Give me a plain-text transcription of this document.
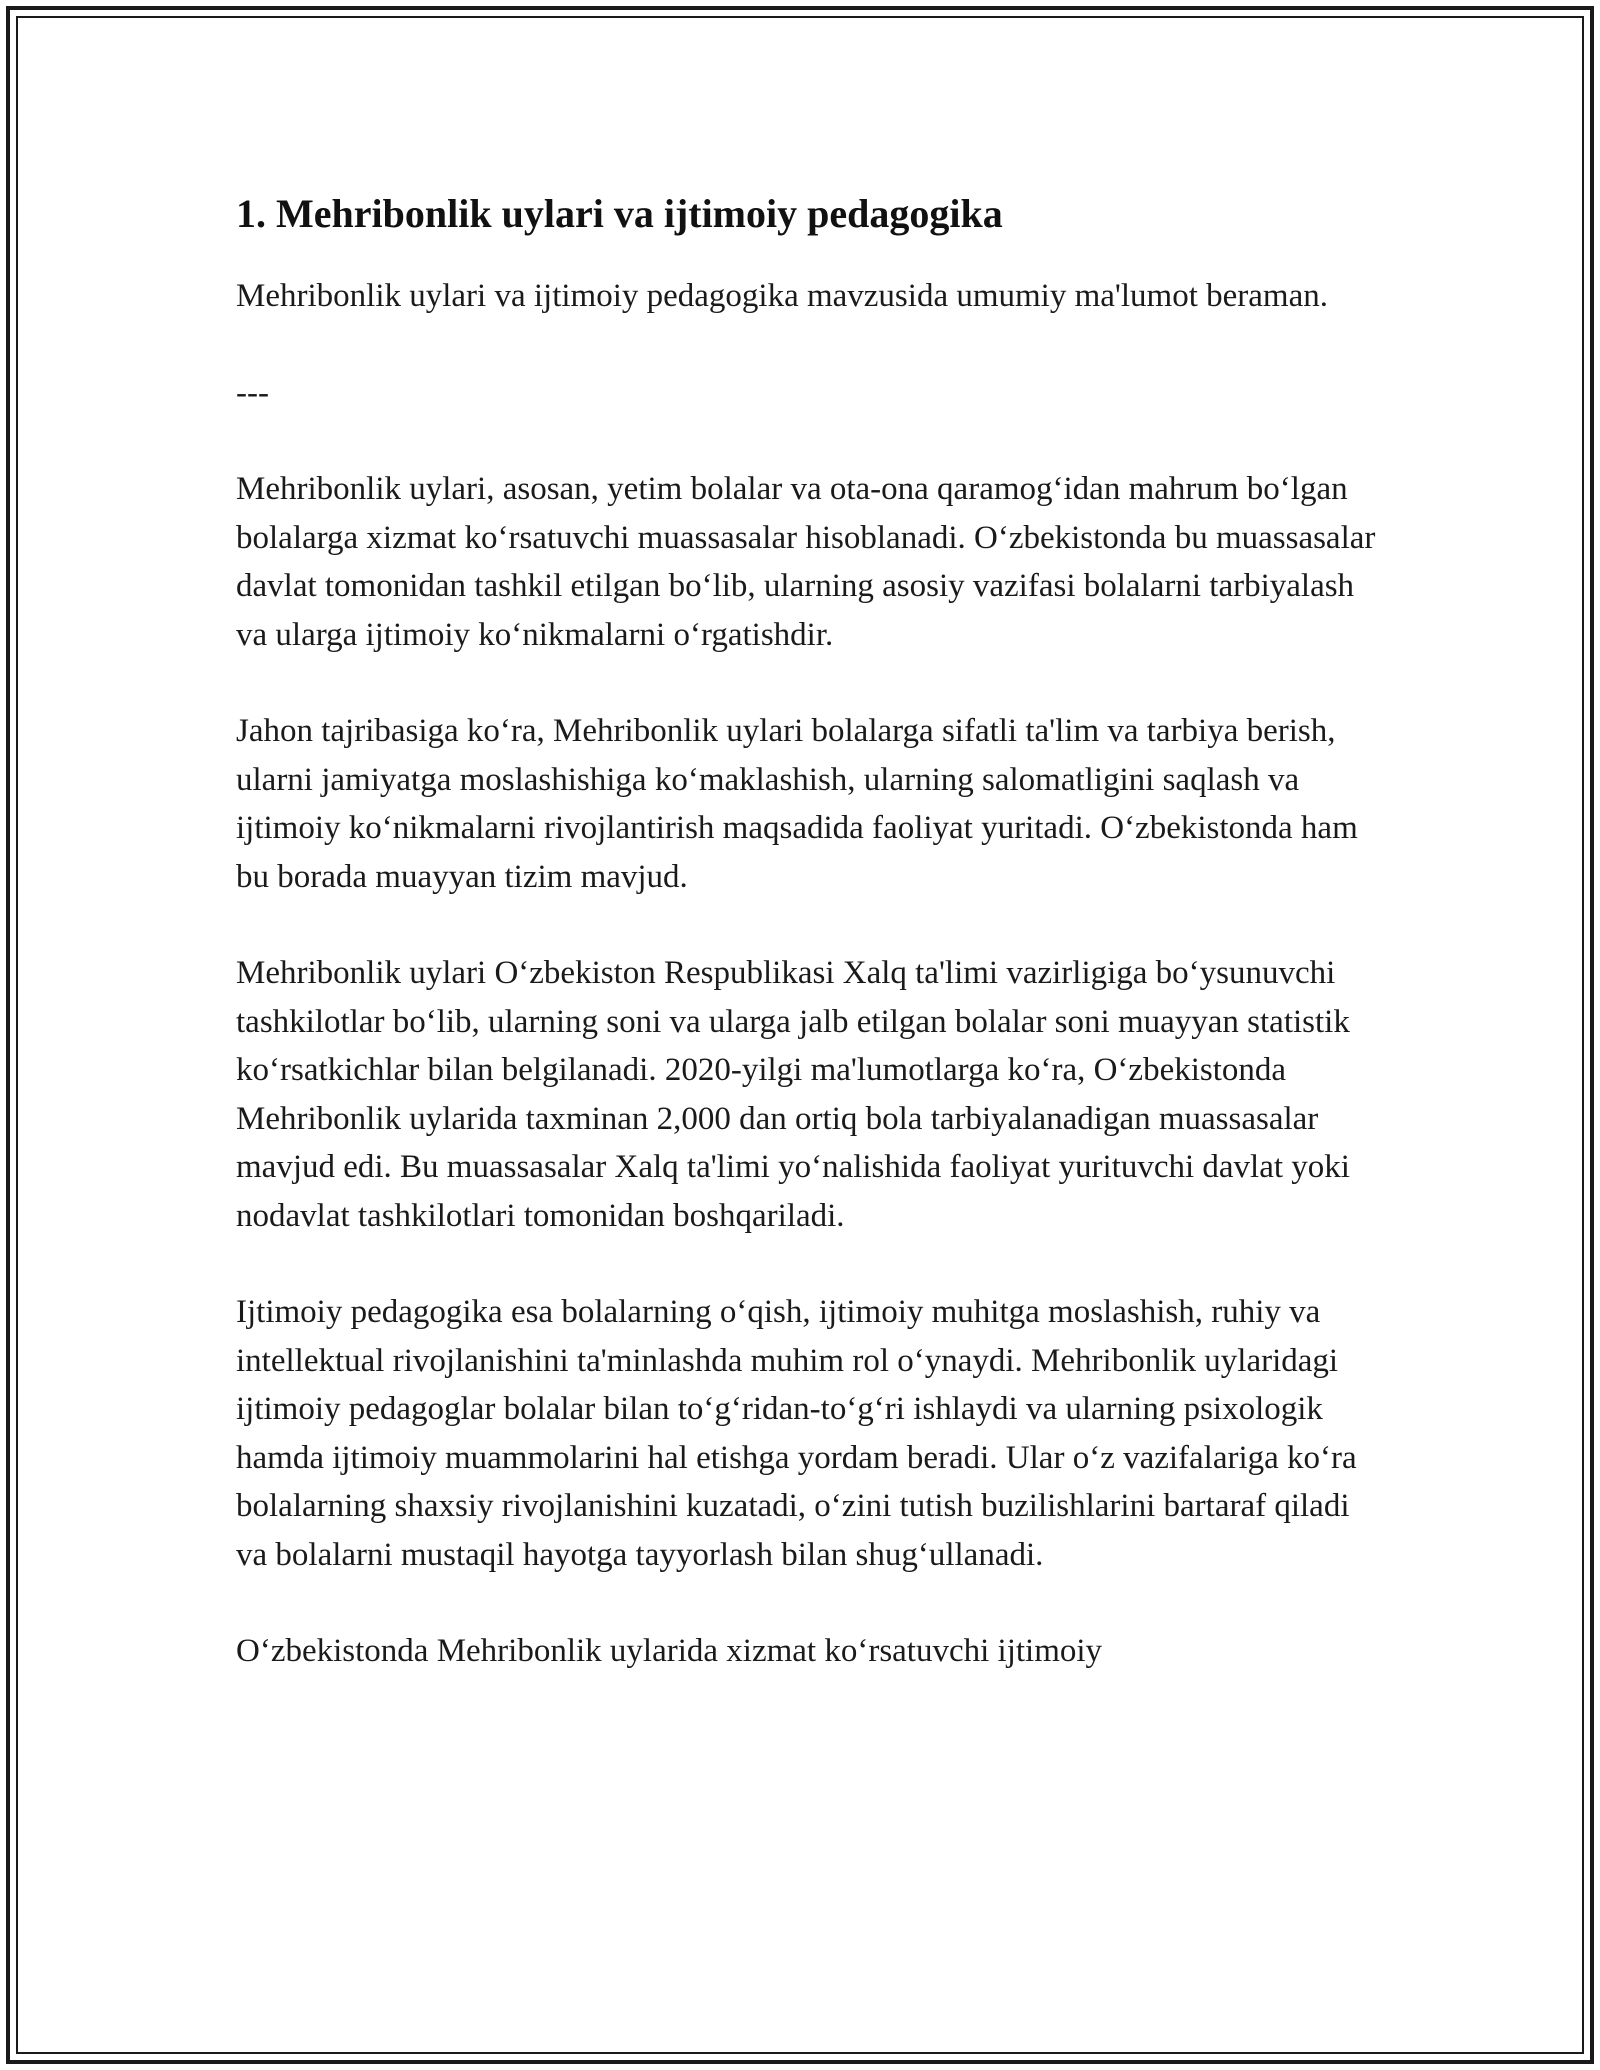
1. Mehribonlik uylari va ijtimoiy pedagogika

Mehribonlik uylari va ijtimoiy pedagogika mavzusida umumiy ma'lumot beraman.

---

Mehribonlik uylari, asosan, yetim bolalar va ota-ona qaramog‘idan mahrum bo‘lgan bolalarga xizmat ko‘rsatuvchi muassasalar hisoblanadi. O‘zbekistonda bu muassasalar davlat tomonidan tashkil etilgan bo‘lib, ularning asosiy vazifasi bolalarni tarbiyalash va ularga ijtimoiy ko‘nikmalarni o‘rgatishdir.

Jahon tajribasiga ko‘ra, Mehribonlik uylari bolalarga sifatli ta'lim va tarbiya berish, ularni jamiyatga moslashishiga ko‘maklashish, ularning salomatligini saqlash va ijtimoiy ko‘nikmalarni rivojlantirish maqsadida faoliyat yuritadi. O‘zbekistonda ham bu borada muayyan tizim mavjud.

Mehribonlik uylari O‘zbekiston Respublikasi Xalq ta'limi vazirligiga bo‘ysunuvchi tashkilotlar bo‘lib, ularning soni va ularga jalb etilgan bolalar soni muayyan statistik ko‘rsatkichlar bilan belgilanadi. 2020-yilgi ma'lumotlarga ko‘ra, O‘zbekistonda Mehribonlik uylarida taxminan 2,000 dan ortiq bola tarbiyalanadigan muassasalar mavjud edi. Bu muassasalar Xalq ta'limi yo‘nalishida faoliyat yurituvchi davlat yoki nodavlat tashkilotlari tomonidan boshqariladi.

Ijtimoiy pedagogika esa bolalarning o‘qish, ijtimoiy muhitga moslashish, ruhiy va intellektual rivojlanishini ta'minlashda muhim rol o‘ynaydi. Mehribonlik uylaridagi ijtimoiy pedagoglar bolalar bilan to‘g‘ridan-to‘g‘ri ishlaydi va ularning psixologik hamda ijtimoiy muammolarini hal etishga yordam beradi. Ular o‘z vazifalariga ko‘ra bolalarning shaxsiy rivojlanishini kuzatadi, o‘zini tutish buzilishlarini bartaraf qiladi va bolalarni mustaqil hayotga tayyorlash bilan shug‘ullanadi.

O‘zbekistonda Mehribonlik uylarida xizmat ko‘rsatuvchi ijtimoiy
